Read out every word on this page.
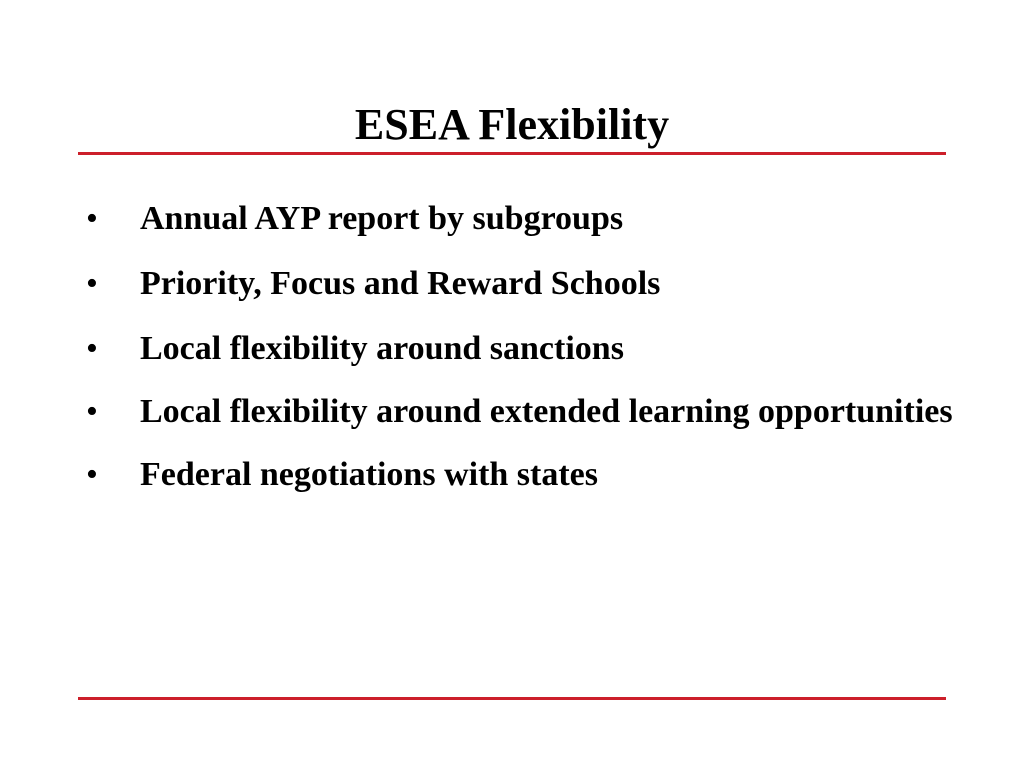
ESEA Flexibility
•	Annual AYP report by subgroups
•	Priority, Focus and Reward Schools
•	Local flexibility around sanctions
•	Local flexibility around extended learning opportunities
•	Federal negotiations with states
